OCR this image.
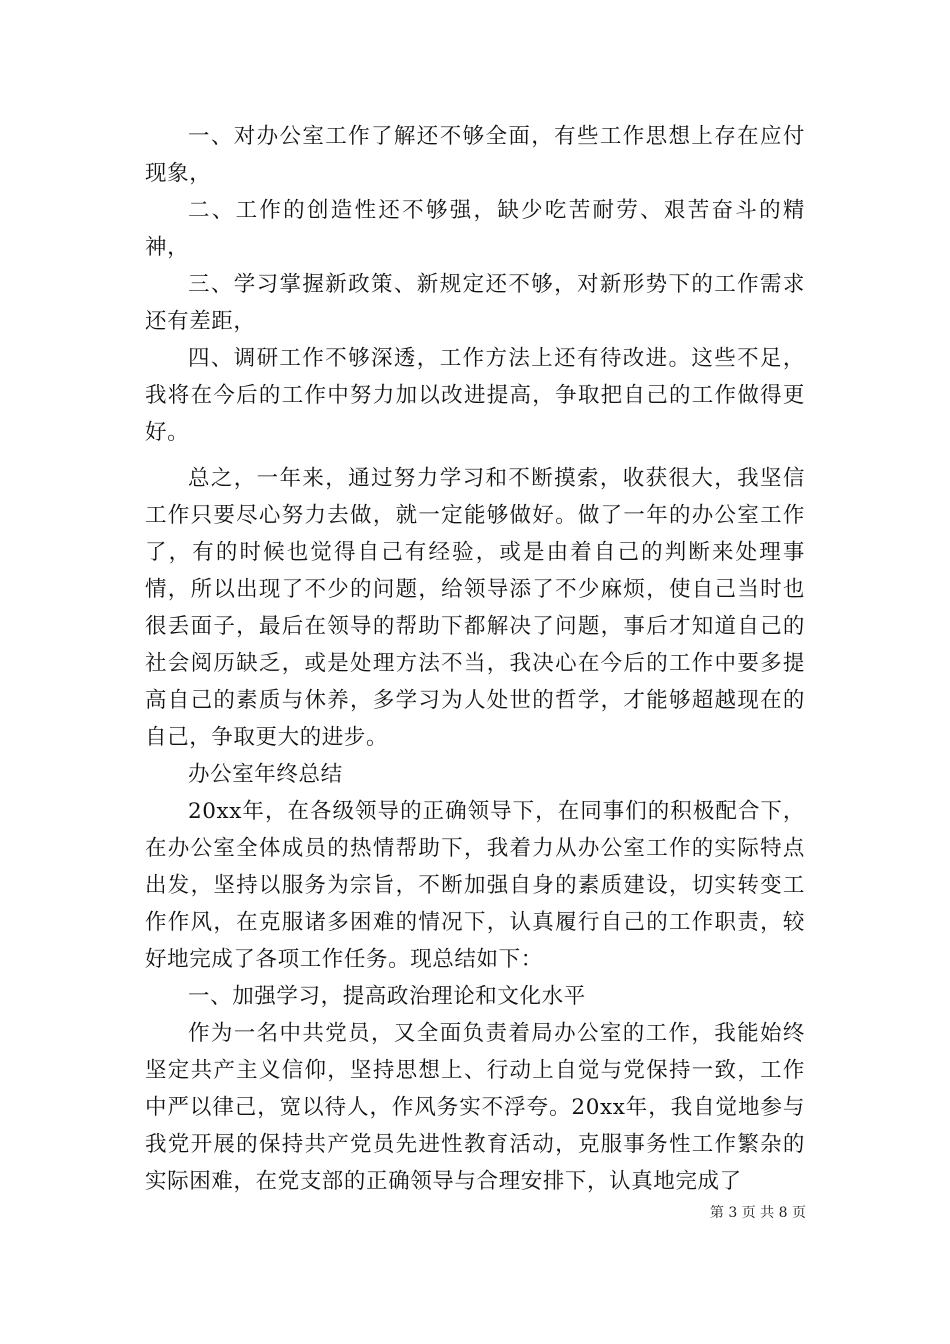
一、对办公室工作了解还不够全面，有些工作思想上存在应付现象，

二、工作的创造性还不够强，缺少吃苦耐劳、艰苦奋斗的精神，

三、学习掌握新政策、新规定还不够，对新形势下的工作需求还有差距，

四、调研工作不够深透，工作方法上还有待改进。这些不足，我将在今后的工作中努力加以改进提高，争取把自己的工作做得更好。

总之，一年来，通过努力学习和不断摸索，收获很大，我坚信工作只要尽心努力去做，就一定能够做好。做了一年的办公室工作了，有的时候也觉得自己有经验，或是由着自己的判断来处理事情，所以出现了不少的问题，给领导添了不少麻烦，使自己当时也很丢面子，最后在领导的帮助下都解决了问题，事后才知道自己的社会阅历缺乏，或是处理方法不当，我决心在今后的工作中要多提高自己的素质与休养，多学习为人处世的哲学，才能够超越现在的自己，争取更大的进步。

办公室年终总结

20xx年，在各级领导的正确领导下，在同事们的积极配合下，在办公室全体成员的热情帮助下，我着力从办公室工作的实际特点出发，坚持以服务为宗旨，不断加强自身的素质建设，切实转变工作作风，在克服诸多困难的情况下，认真履行自己的工作职责，较好地完成了各项工作任务。现总结如下：

一、加强学习，提高政治理论和文化水平

作为一名中共党员，又全面负责着局办公室的工作，我能始终坚定共产主义信仰，坚持思想上、行动上自觉与党保持一致，工作中严以律己，宽以待人，作风务实不浮夸。20xx年，我自觉地参与我党开展的保持共产党员先进性教育活动，克服事务性工作繁杂的实际困难，在党支部的正确领导与合理安排下，认真地完成了

第 3 页 共 8 页
